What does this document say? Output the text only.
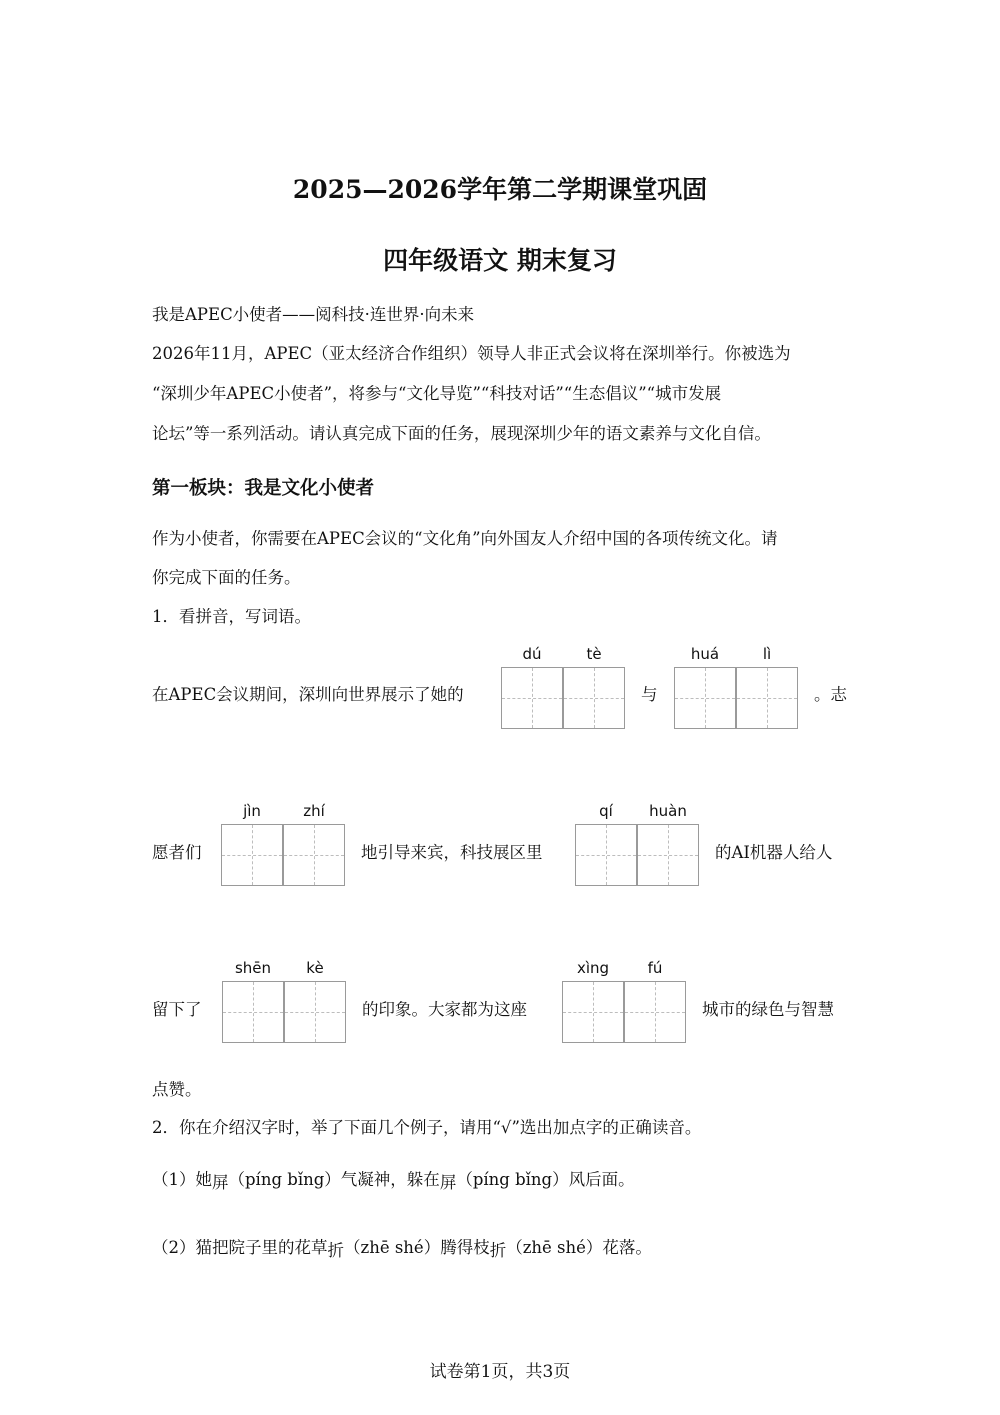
2025—2026学年第二学期课堂巩固
四年级语文 期末复习
我是APEC小使者——阅科技·连世界·向未来
2026年11月，APEC（亚太经济合作组织）领导人非正式会议将在深圳举行。你被选为
“深圳少年APEC小使者”，将参与“文化导览”“科技对话”“生态倡议”“城市发展
论坛”等一系列活动。请认真完成下面的任务，展现深圳少年的语文素养与文化自信。
第一板块：我是文化小使者
作为小使者，你需要在APEC会议的“文化角”向外国友人介绍中国的各项传统文化。请
你完成下面的任务。
1．看拼音，写词语。
在APEC会议期间，深圳向世界展示了她的
dú	tè
与
huá	lì
。志
愿者们
jìn	zhí
地引导来宾，科技展区里
qí	huàn
的AI机器人给人
留下了
shēn	kè
的印象。大家都为这座
xìng	fú
城市的绿色与智慧
点赞。
2．你在介绍汉字时，举了下面几个例子，请用“√”选出加点字的正确读音。
（1）她屏（píng bǐng）气凝神，躲在屏（píng bǐng）风后面。
（2）猫把院子里的花草折（zhē shé）腾得枝折（zhē shé）花落。
试卷第1页，共3页
